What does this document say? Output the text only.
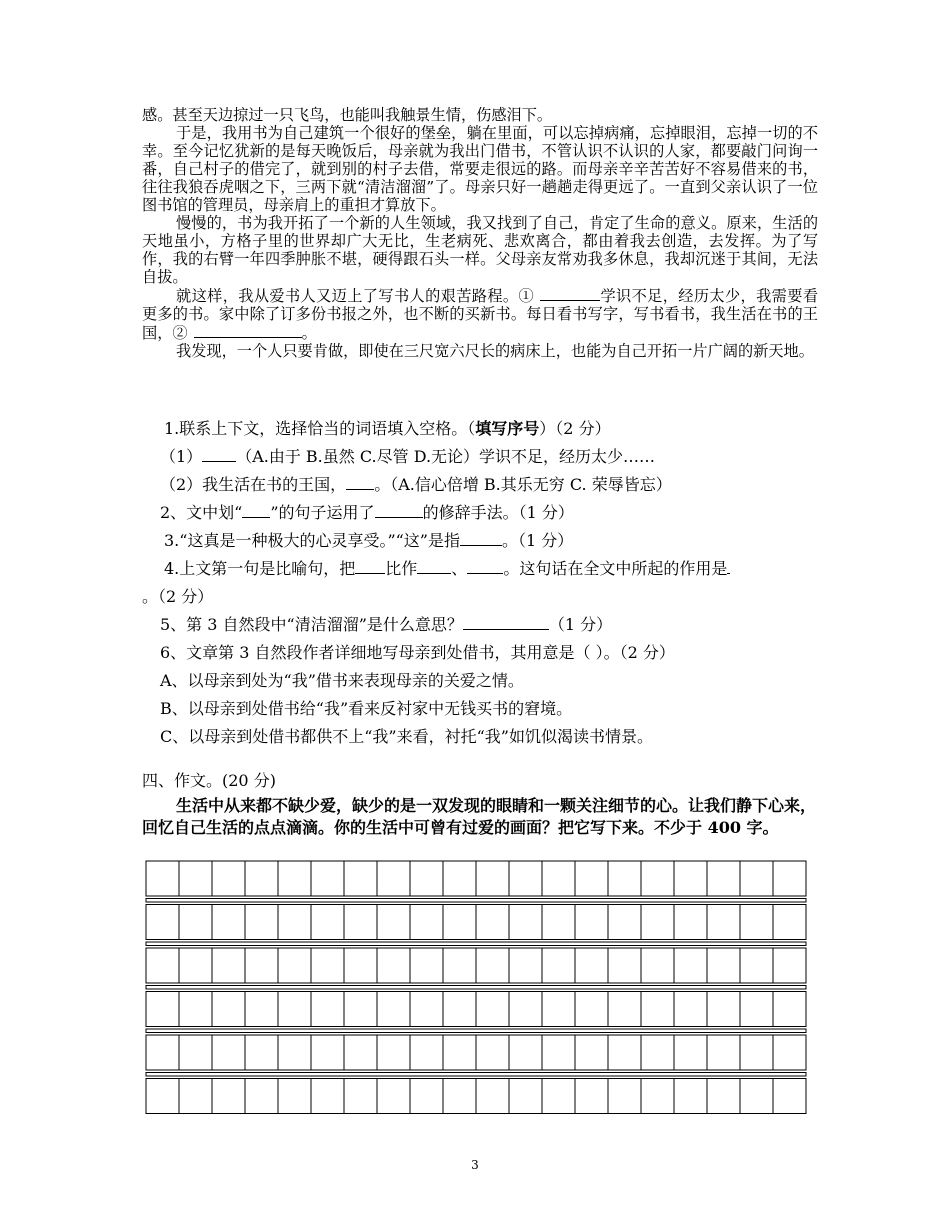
感。甚至天边掠过一只飞鸟，也能叫我触景生情，伤感泪下。

于是，我用书为自己建筑一个很好的堡垒，躺在里面，可以忘掉病痛，忘掉眼泪，忘掉一切的不幸。至今记忆犹新的是每天晚饭后，母亲就为我出门借书，不管认识不认识的人家，都要敲门问询一番，自己村子的借完了，就到别的村子去借，常要走很远的路。而母亲辛辛苦苦好不容易借来的书，往往我狼吞虎咽之下，三两下就“清洁溜溜”了。母亲只好一趟趟走得更远了。一直到父亲认识了一位图书馆的管理员，母亲肩上的重担才算放下。

慢慢的，书为我开拓了一个新的人生领域，我又找到了自己，肯定了生命的意义。原来，生活的天地虽小，方格子里的世界却广大无比，生老病死、悲欢离合，都由着我去创造，去发挥。为了写作，我的右臂一年四季肿胀不堪，硬得跟石头一样。父母亲友常劝我多休息，我却沉迷于其间，无法自拔。

就这样，我从爱书人又迈上了写书人的艰苦路程。①	学识不足，经历太少，我需要看更多的书。家中除了订多份书报之外，也不断的买新书。每日看书写字，写书看书，我生活在书的王国，②	。

我发现，一个人只要肯做，即使在三尺宽六尺长的病床上，也能为自己开拓一片广阔的新天地。

1.联系上下文，选择恰当的词语填入空格。（填写序号）（2 分）
（1） （A.由于 B.虽然 C.尽管 D.无论）学识不足，经历太少……
（2）我生活在书的王国， 。（A.信心倍增 B.其乐无穷 C. 荣辱皆忘）
2、文中划“ ”的句子运用了	的修辞手法。（1 分）
3.“这真是一种极大的心灵享受。”“这”是指	。（1 分）
4.上文第一句是比喻句，把 比作 、 。这句话在全文中所起的作用是
。（2 分）
5、第 3 自然段中“清洁溜溜”是什么意思？	（1 分）
6、文章第 3 自然段作者详细地写母亲到处借书，其用意是（ ）。（2 分）
A、以母亲到处为“我”借书来表现母亲的关爱之情。
B、以母亲到处借书给“我”看来反衬家中无钱买书的窘境。
C、以母亲到处借书都供不上“我”来看，衬托“我”如饥似渴读书情景。
四、作文。(20 分)
生活中从来都不缺少爱，缺少的是一双发现的眼睛和一颗关注细节的心。让我们静下心来，回忆自己生活的点点滴滴。你的生活中可曾有过爱的画面？把它写下来。不少于 400 字。
3
